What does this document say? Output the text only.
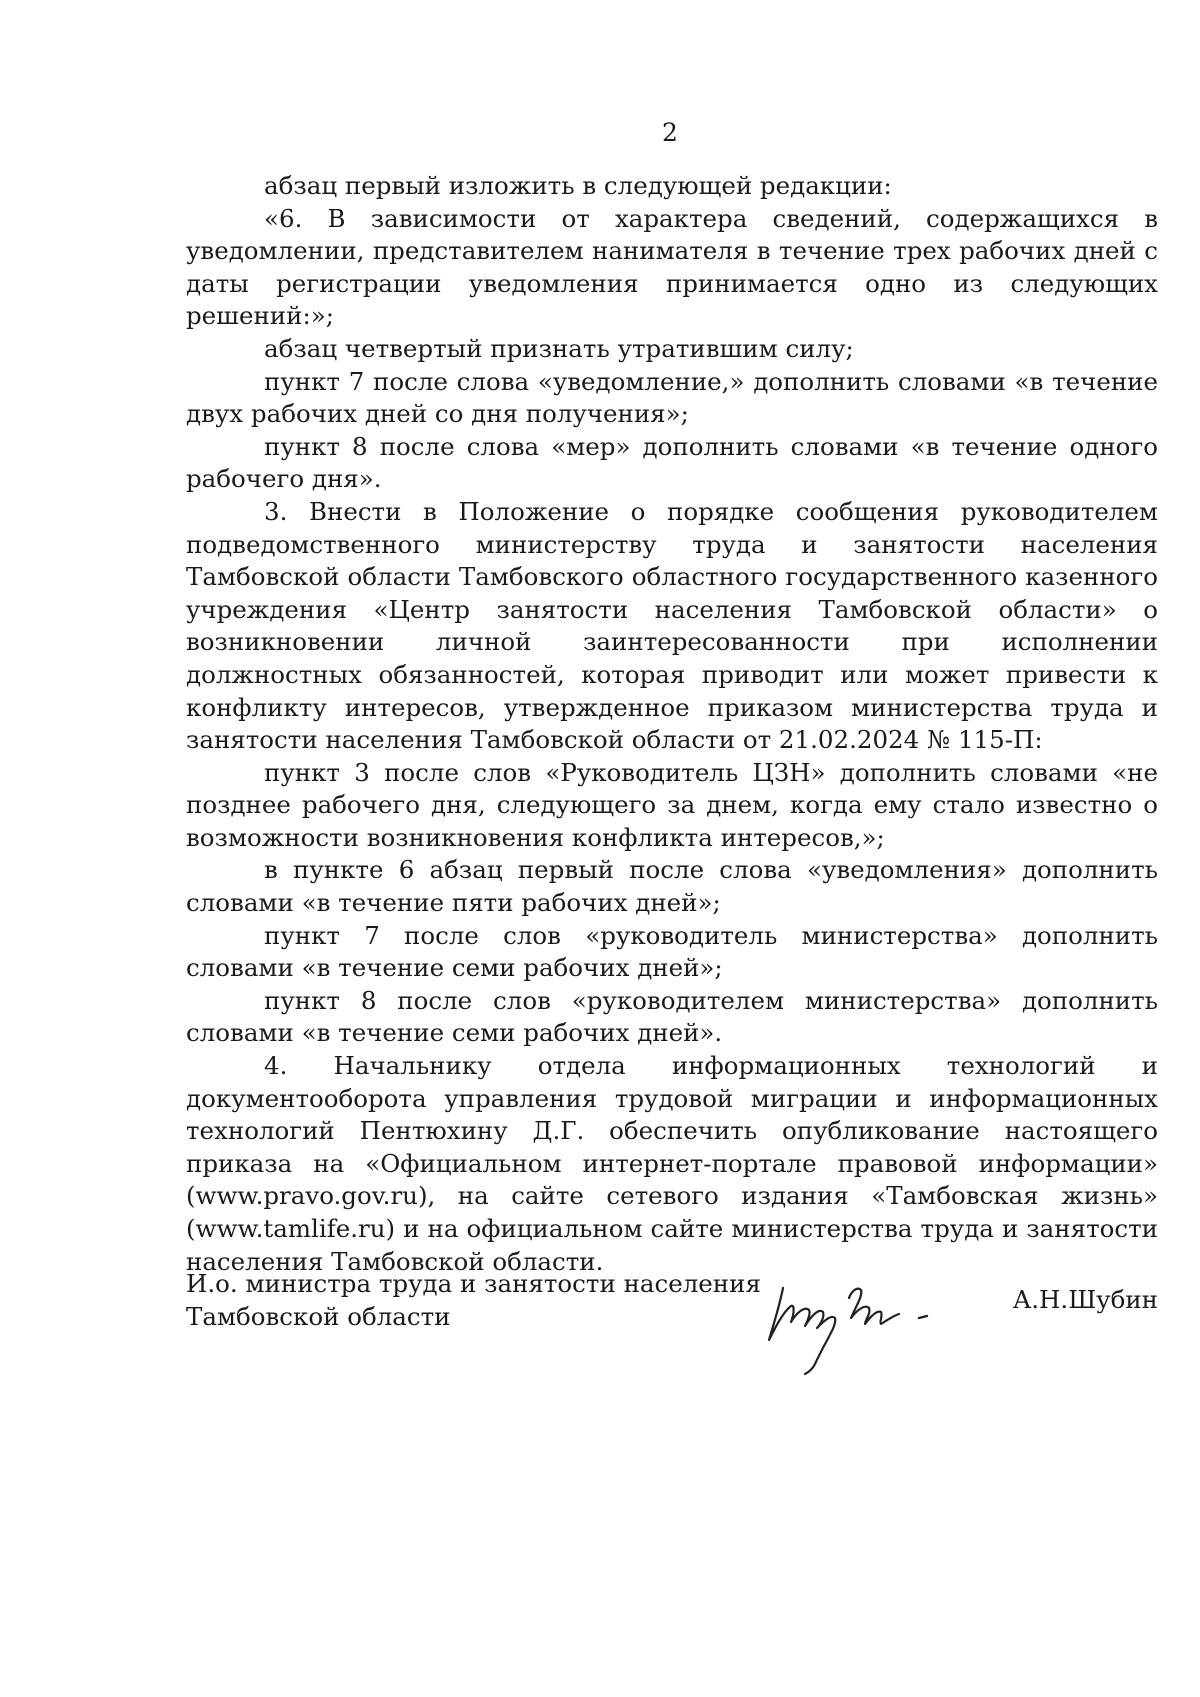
2

абзац первый изложить в следующей редакции:

«6. В зависимости от характера сведений, содержащихся в уведомлении, представителем нанимателя в течение трех рабочих дней с даты регистрации уведомления принимается одно из следующих решений:»;

абзац четвертый признать утратившим силу;

пункт 7 после слова «уведомление,» дополнить словами «в течение двух рабочих дней со дня получения»;

пункт 8 после слова «мер» дополнить словами «в течение одного рабочего дня».

3. Внести в Положение о порядке сообщения руководителем подведомственного министерству труда и занятости населения Тамбовской области Тамбовского областного государственного казенного учреждения «Центр занятости населения Тамбовской области» о возникновении личной заинтересованности при исполнении должностных обязанностей, которая приводит или может привести к конфликту интересов, утвержденное приказом министерства труда и занятости населения Тамбовской области от 21.02.2024 № 115-П:

пункт 3 после слов «Руководитель ЦЗН» дополнить словами «не позднее рабочего дня, следующего за днем, когда ему стало известно о возможности возникновения конфликта интересов,»;

в пункте 6 абзац первый после слова «уведомления» дополнить словами «в течение пяти рабочих дней»;

пункт 7 после слов «руководитель министерства» дополнить словами «в течение семи рабочих дней»;

пункт 8 после слов «руководителем министерства» дополнить словами «в течение семи рабочих дней».

4. Начальнику отдела информационных технологий и документооборота управления трудовой миграции и информационных технологий Пентюхину Д.Г. обеспечить опубликование настоящего приказа на «Официальном интернет-портале правовой информации» (www.pravo.gov.ru), на сайте сетевого издания «Тамбовская жизнь» (www.tamlife.ru) и на официальном сайте министерства труда и занятости населения Тамбовской области.

И.о. министра труда и занятости населения
Тамбовской области
А.Н.Шубин
